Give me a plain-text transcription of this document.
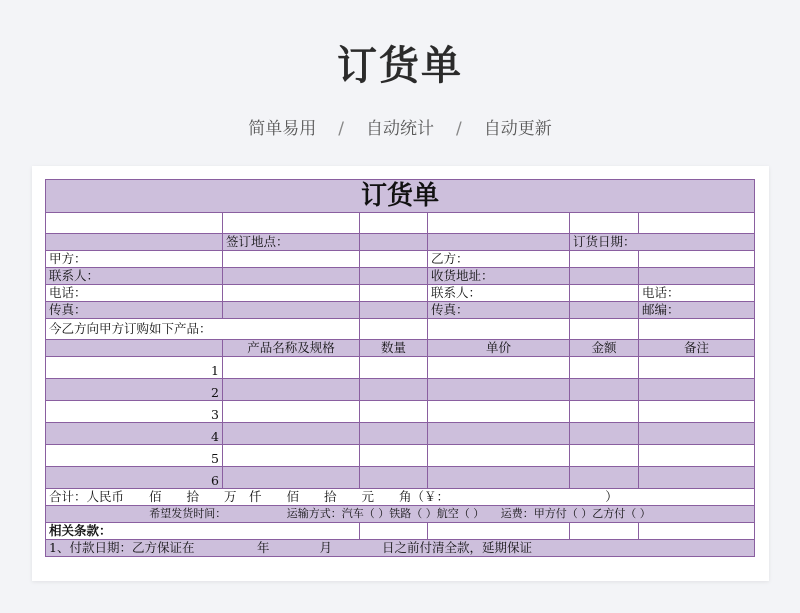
订货单
简单易用 / 自动统计 / 自动更新
订货单					

	签订地点：			订货日期：	
甲方：			乙方：		
联系人：			收货地址：		
电话：			联系人：		电话：
传真：			传真：		邮编：
今乙方向甲方订购如下产品：					
	产品名称及规格	数量	单价	金额	备注
1					
2					
3					
4					
5					
6					
合计：人民币　　佰　　拾　　万　仟　　佰　　拾　　元　　角（￥：　　　　　　　　　　　　　）					
希望发货时间：　　　　　　运输方式：汽车（ ）铁路（ ）航空（ ）　　运费：甲方付（ ）乙方付（ ）					
相关条款：					
1、付款日期：乙方保证在　　　　　年　　　　月　　　　日之前付清全款，延期保证					
